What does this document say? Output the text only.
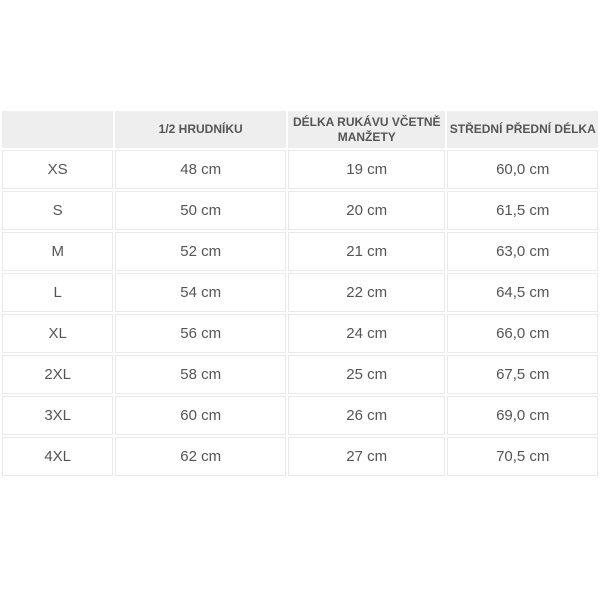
	1/2 HRUDNÍKU	DÉLKA RUKÁVU VČETNĚ MANŽETY	STŘEDNÍ PŘEDNÍ DÉLKA
XS	48 cm	19 cm	60,0 cm
S	50 cm	20 cm	61,5 cm
M	52 cm	21 cm	63,0 cm
L	54 cm	22 cm	64,5 cm
XL	56 cm	24 cm	66,0 cm
2XL	58 cm	25 cm	67,5 cm
3XL	60 cm	26 cm	69,0 cm
4XL	62 cm	27 cm	70,5 cm
